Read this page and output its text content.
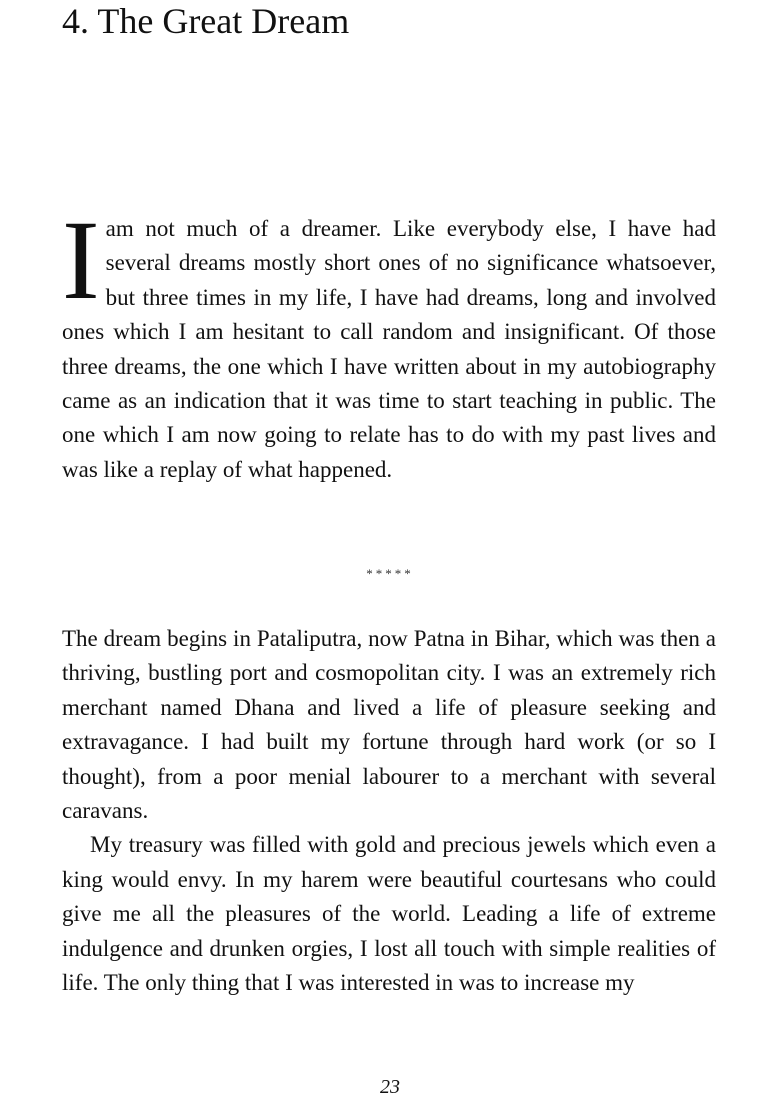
4. The Great Dream
Iam not much of a dreamer. Like everybody else, I have had several dreams mostly short ones of no significance whatsoever, but three times in my life, I have had dreams, long and involved ones which I am hesitant to call random and insignificant. Of those three dreams, the one which I have written about in my autobiography came as an indication that it was time to start teaching in public. The one which I am now going to relate has to do with my past lives and was like a replay of what happened.
*****

The dream begins in Pataliputra, now Patna in Bihar, which was then a thriving, bustling port and cosmopolitan city. I was an extremely rich merchant named Dhana and lived a life of pleasure seeking and extravagance. I had built my fortune through hard work (or so I thought), from a poor menial labourer to a merchant with several caravans.

My treasury was filled with gold and precious jewels which even a king would envy. In my harem were beautiful courtesans who could give me all the pleasures of the world. Leading a life of extreme indulgence and drunken orgies, I lost all touch with simple realities of life. The only thing that I was interested in was to increase my

23
